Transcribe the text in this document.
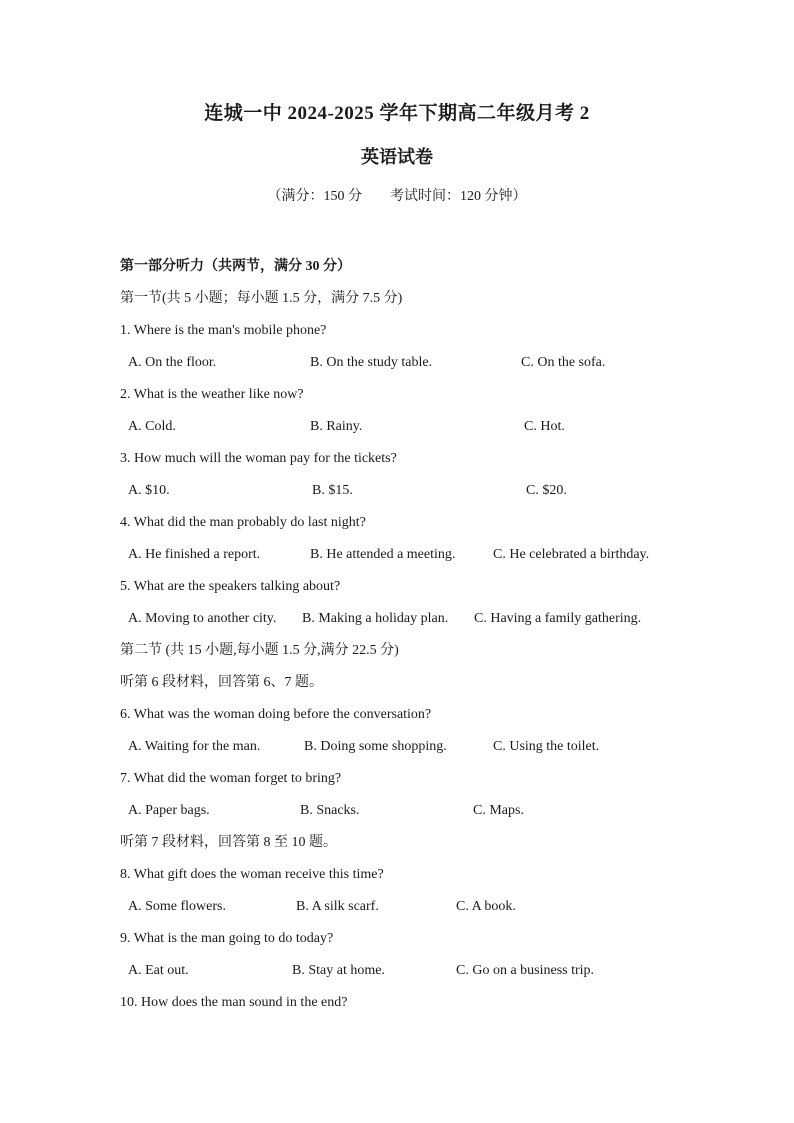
连城一中 2024-2025 学年下期高二年级月考 2
英语试卷
（满分：150 分        考试时间：120 分钟）
第一部分听力（共两节，满分 30 分）
第一节(共 5 小题；每小题 1.5 分，满分 7.5 分)
1. Where is the man's mobile phone?
A. On the floor.	B. On the study table.	C. On the sofa.
2. What is the weather like now?
A. Cold.	B. Rainy.	C. Hot.
3. How much will the woman pay for the tickets?
A. $10.	B. $15.	C. $20.
4. What did the man probably do last night?
A. He finished a report.	B. He attended a meeting.	C. He celebrated a birthday.
5. What are the speakers talking about?
A. Moving to another city. B. Making a holiday plan. C. Having a family gathering.
第二节 (共 15 小题,每小题 1.5 分,满分 22.5 分)
听第 6 段材料，回答第 6、7 题。
6. What was the woman doing before the conversation?
A. Waiting for the man.	B. Doing some shopping.	C. Using the toilet.
7. What did the woman forget to bring?
A. Paper bags.	B. Snacks.	C. Maps.
听第 7 段材料，回答第 8 至 10 题。
8. What gift does the woman receive this time?
A. Some flowers.	B. A silk scarf.	C. A book.
9. What is the man going to do today?
A. Eat out.	B. Stay at home.	C. Go on a business trip.
10. How does the man sound in the end?
